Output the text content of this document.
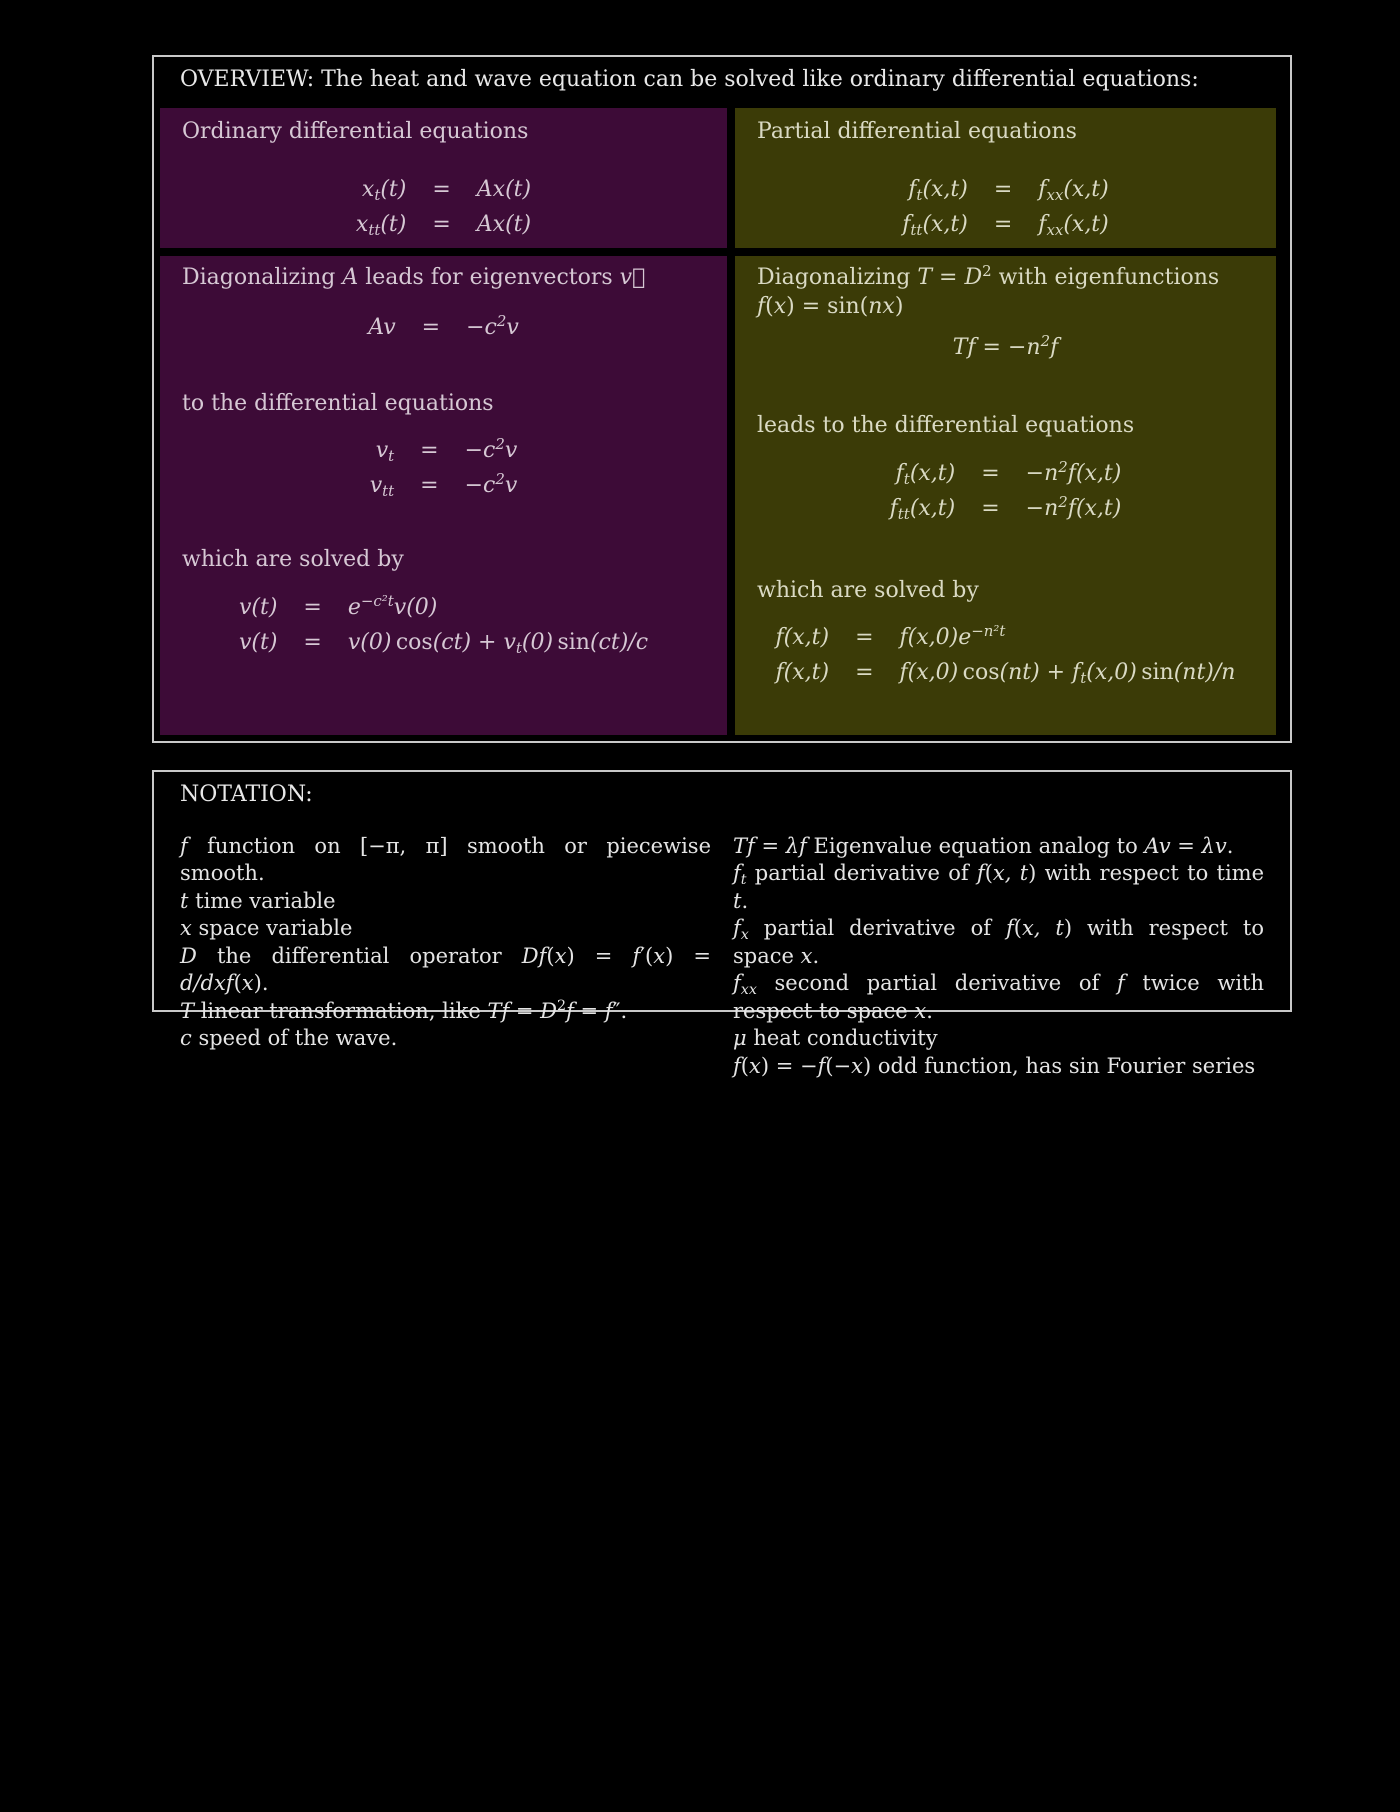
OVERVIEW: The heat and wave equation can be solved like ordinary differential equations:
Ordinary differential equations
$x_t(t) = Ax(t)$
$x_{tt}(t) = Ax(t)$
Partial differential equations
$f_t(x,t) = f_{xx}(x,t)$
$f_{tt}(x,t) = f_{xx}(x,t)$
Diagonalizing A leads for eigenvectors v⃗
$Av = -c^2v$
to the differential equations
$v_t = -c^2v$
$v_{tt} = -c^2v$
which are solved by
$v(t) = e^{-c^2t}v(0)$
v(t) = v(0) $\cos(ct) + v_t(0)$ sin(ct)/c
Diagonalizing $T = D^2$ with eigenfunctions f(x) = sin(nx)
$Tf = -n^2f$
leads to the differential equations
$f_t(x,t) = -n^2f(x,t)$
$f_{tt}(x,t) = -n^2f(x,t)$
which are solved by
$f(x,t) = f(x,0)e^{-n^2t}$
f(x,t) = f(x,0) $\cos(nt) + f_t(x,0)$ sin(nt)/n
NOTATION:
f function on [−π, π] smooth or piecewise smooth.
t time variable
x space variable
D the differential operator Df(x) = f′(x) = d/dxf(x).
T linear transformation, like $Tf = D^2f = f''$.
c speed of the wave.
Tf = λf Eigenvalue equation analog to Av = λv.
$f_t$ partial derivative of f(x, t) with respect to time t.
$f_x$ partial derivative of f(x, t) with respect to space x.
$f_{xx}$ second partial derivative of f twice with respect to space x.
μ heat conductivity
f(x) = −f(−x) odd function, has sin Fourier series
